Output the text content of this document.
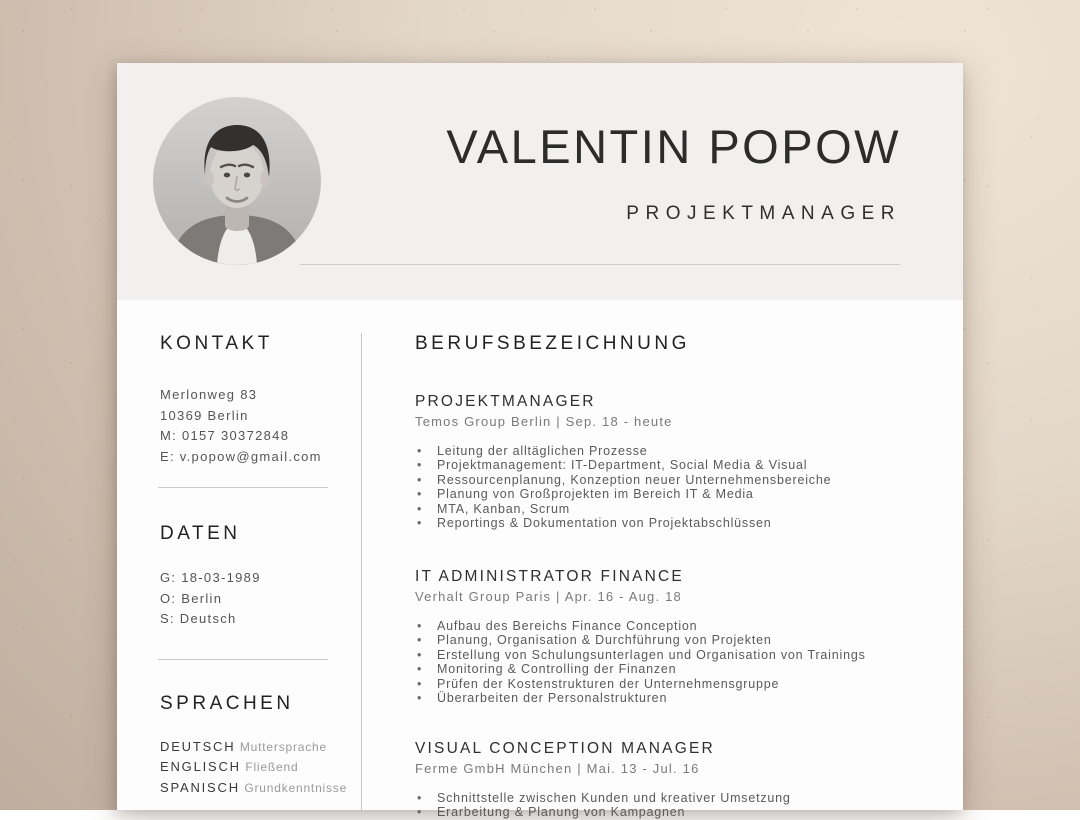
VALENTIN POPOW
PROJEKTMANAGER
KONTAKT
Merlonweg 83
10369 Berlin
M: 0157 30372848
E: v.popow@gmail.com
DATEN
G: 18-03-1989
O: Berlin
S: Deutsch
SPRACHEN
DEUTSCH Muttersprache
ENGLISCH Fließend
SPANISCH Grundkenntnisse
BERUFSBEZEICHNUNG
PROJEKTMANAGER
Temos Group Berlin | Sep. 18 - heute
• Leitung der alltäglichen Prozesse
• Projektmanagement: IT-Department, Social Media & Visual
• Ressourcenplanung, Konzeption neuer Unternehmensbereiche
• Planung von Großprojekten im Bereich IT & Media
• MTA, Kanban, Scrum
• Reportings & Dokumentation von Projektabschlüssen
IT ADMINISTRATOR FINANCE
Verhalt Group Paris | Apr. 16 - Aug. 18
• Aufbau des Bereichs Finance Conception
• Planung, Organisation & Durchführung von Projekten
• Erstellung von Schulungsunterlagen und Organisation von Trainings
• Monitoring & Controlling der Finanzen
• Prüfen der Kostenstrukturen der Unternehmensgruppe
• Überarbeiten der Personalstrukturen
VISUAL CONCEPTION MANAGER
Ferme GmbH München | Mai. 13 - Jul. 16
• Schnittstelle zwischen Kunden und kreativer Umsetzung
• Erarbeitung & Planung von Kampagnen
